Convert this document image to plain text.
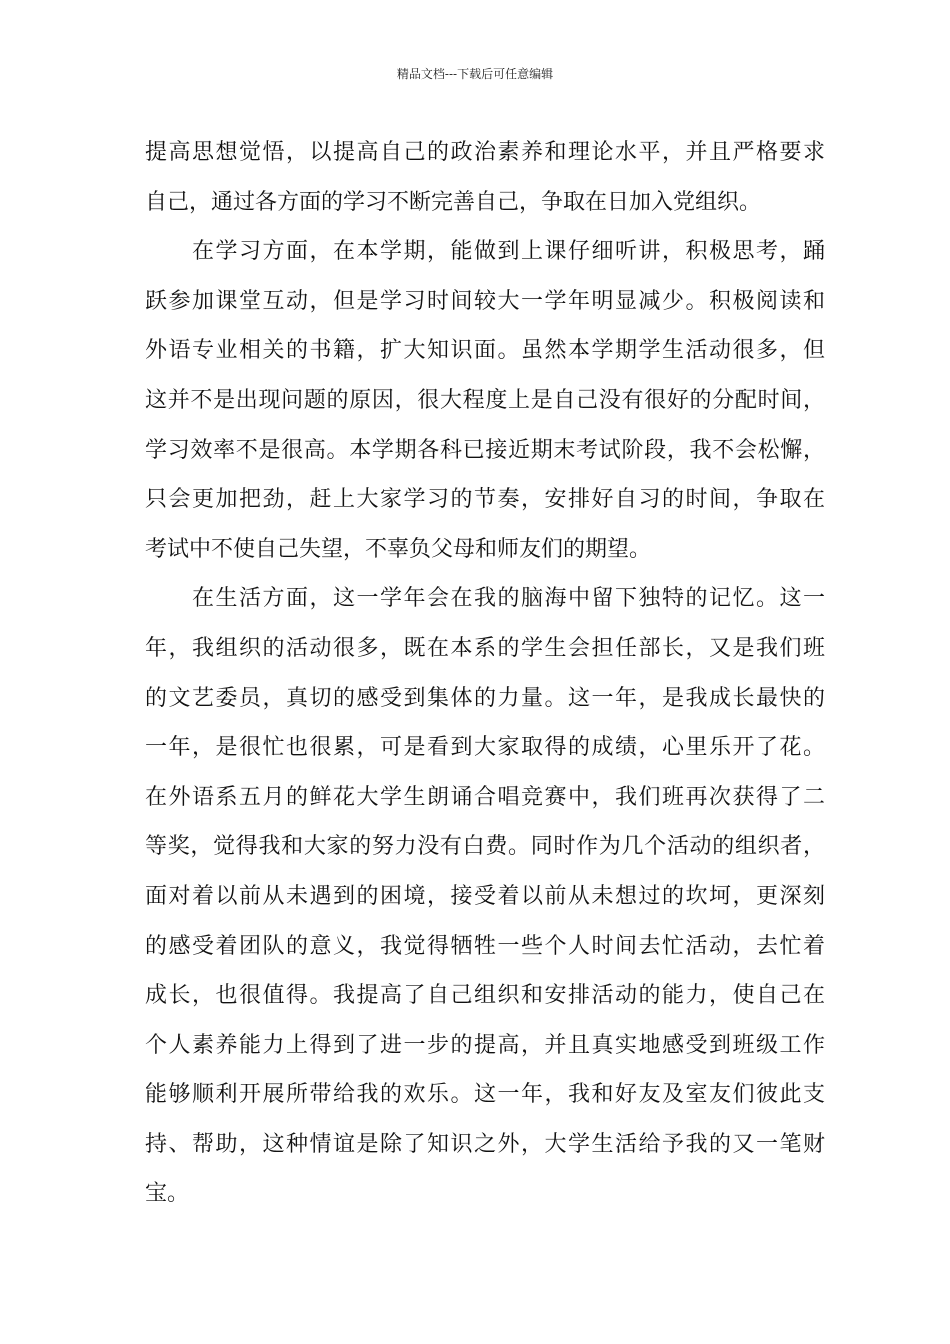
精品文档---下载后可任意编辑
提高思想觉悟，以提高自己的政治素养和理论水平，并且严格要求
自己，通过各方面的学习不断完善自己，争取在日加入党组织。
　　在学习方面，在本学期，能做到上课仔细听讲，积极思考，踊
跃参加课堂互动，但是学习时间较大一学年明显减少。积极阅读和
外语专业相关的书籍，扩大知识面。虽然本学期学生活动很多，但
这并不是出现问题的原因，很大程度上是自己没有很好的分配时间，
学习效率不是很高。本学期各科已接近期末考试阶段，我不会松懈，
只会更加把劲，赶上大家学习的节奏，安排好自习的时间，争取在
考试中不使自己失望，不辜负父母和师友们的期望。
　　在生活方面，这一学年会在我的脑海中留下独特的记忆。这一
年，我组织的活动很多，既在本系的学生会担任部长，又是我们班
的文艺委员，真切的感受到集体的力量。这一年，是我成长最快的
一年，是很忙也很累，可是看到大家取得的成绩，心里乐开了花。
在外语系五月的鲜花大学生朗诵合唱竞赛中，我们班再次获得了二
等奖，觉得我和大家的努力没有白费。同时作为几个活动的组织者，
面对着以前从未遇到的困境，接受着以前从未想过的坎坷，更深刻
的感受着团队的意义，我觉得牺牲一些个人时间去忙活动，去忙着
成长，也很值得。我提高了自己组织和安排活动的能力，使自己在
个人素养能力上得到了进一步的提高，并且真实地感受到班级工作
能够顺利开展所带给我的欢乐。这一年，我和好友及室友们彼此支
持、帮助，这种情谊是除了知识之外，大学生活给予我的又一笔财
宝。
